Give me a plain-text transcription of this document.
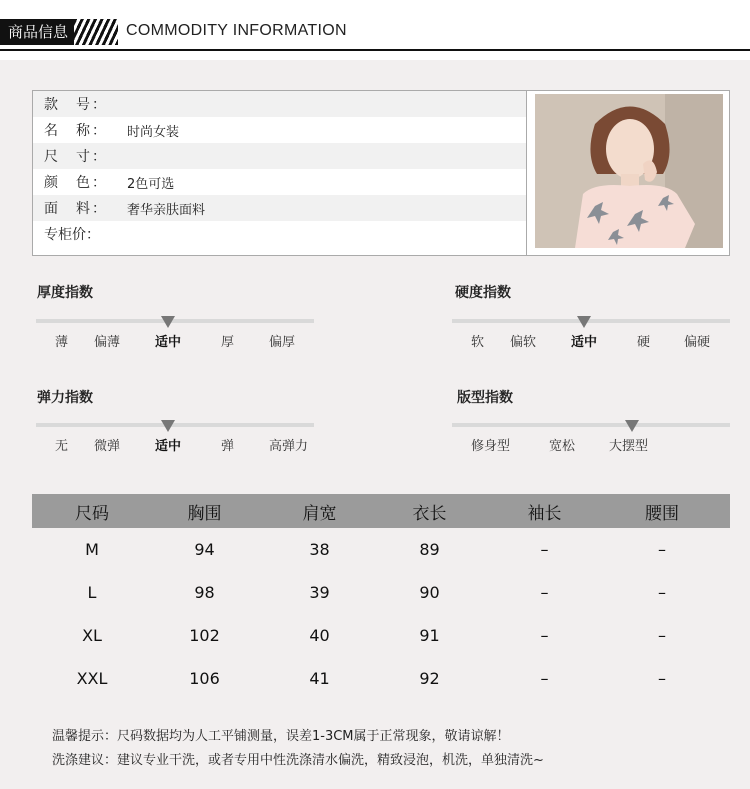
商品信息	COMMODITY INFORMATION
款　号：
名　称：	时尚女装
尺　寸：
颜　色：	2色可选
面　料：	奢华亲肤面料
专柜价：
厚度指数
薄 偏薄	适中	厚	偏厚
硬度指数
软 偏软	适中	硬	偏硬
弹力指数
无 微弹	适中	弹	高弹力
版型指数
修身型	宽松	大摆型
尺码	胸围	肩宽	衣长	袖长	腰围
M	94	38	89	–	–
L	98	39	90	–	–
XL	102	40	91	–	–
XXL	106	41	92	–	–
温馨提示：尺码数据均为人工平铺测量，误差1-3CM属于正常现象，敬请谅解！
洗涤建议：建议专业干洗，或者专用中性洗涤清水偏洗，精致浸泡，机洗，单独清洗~
